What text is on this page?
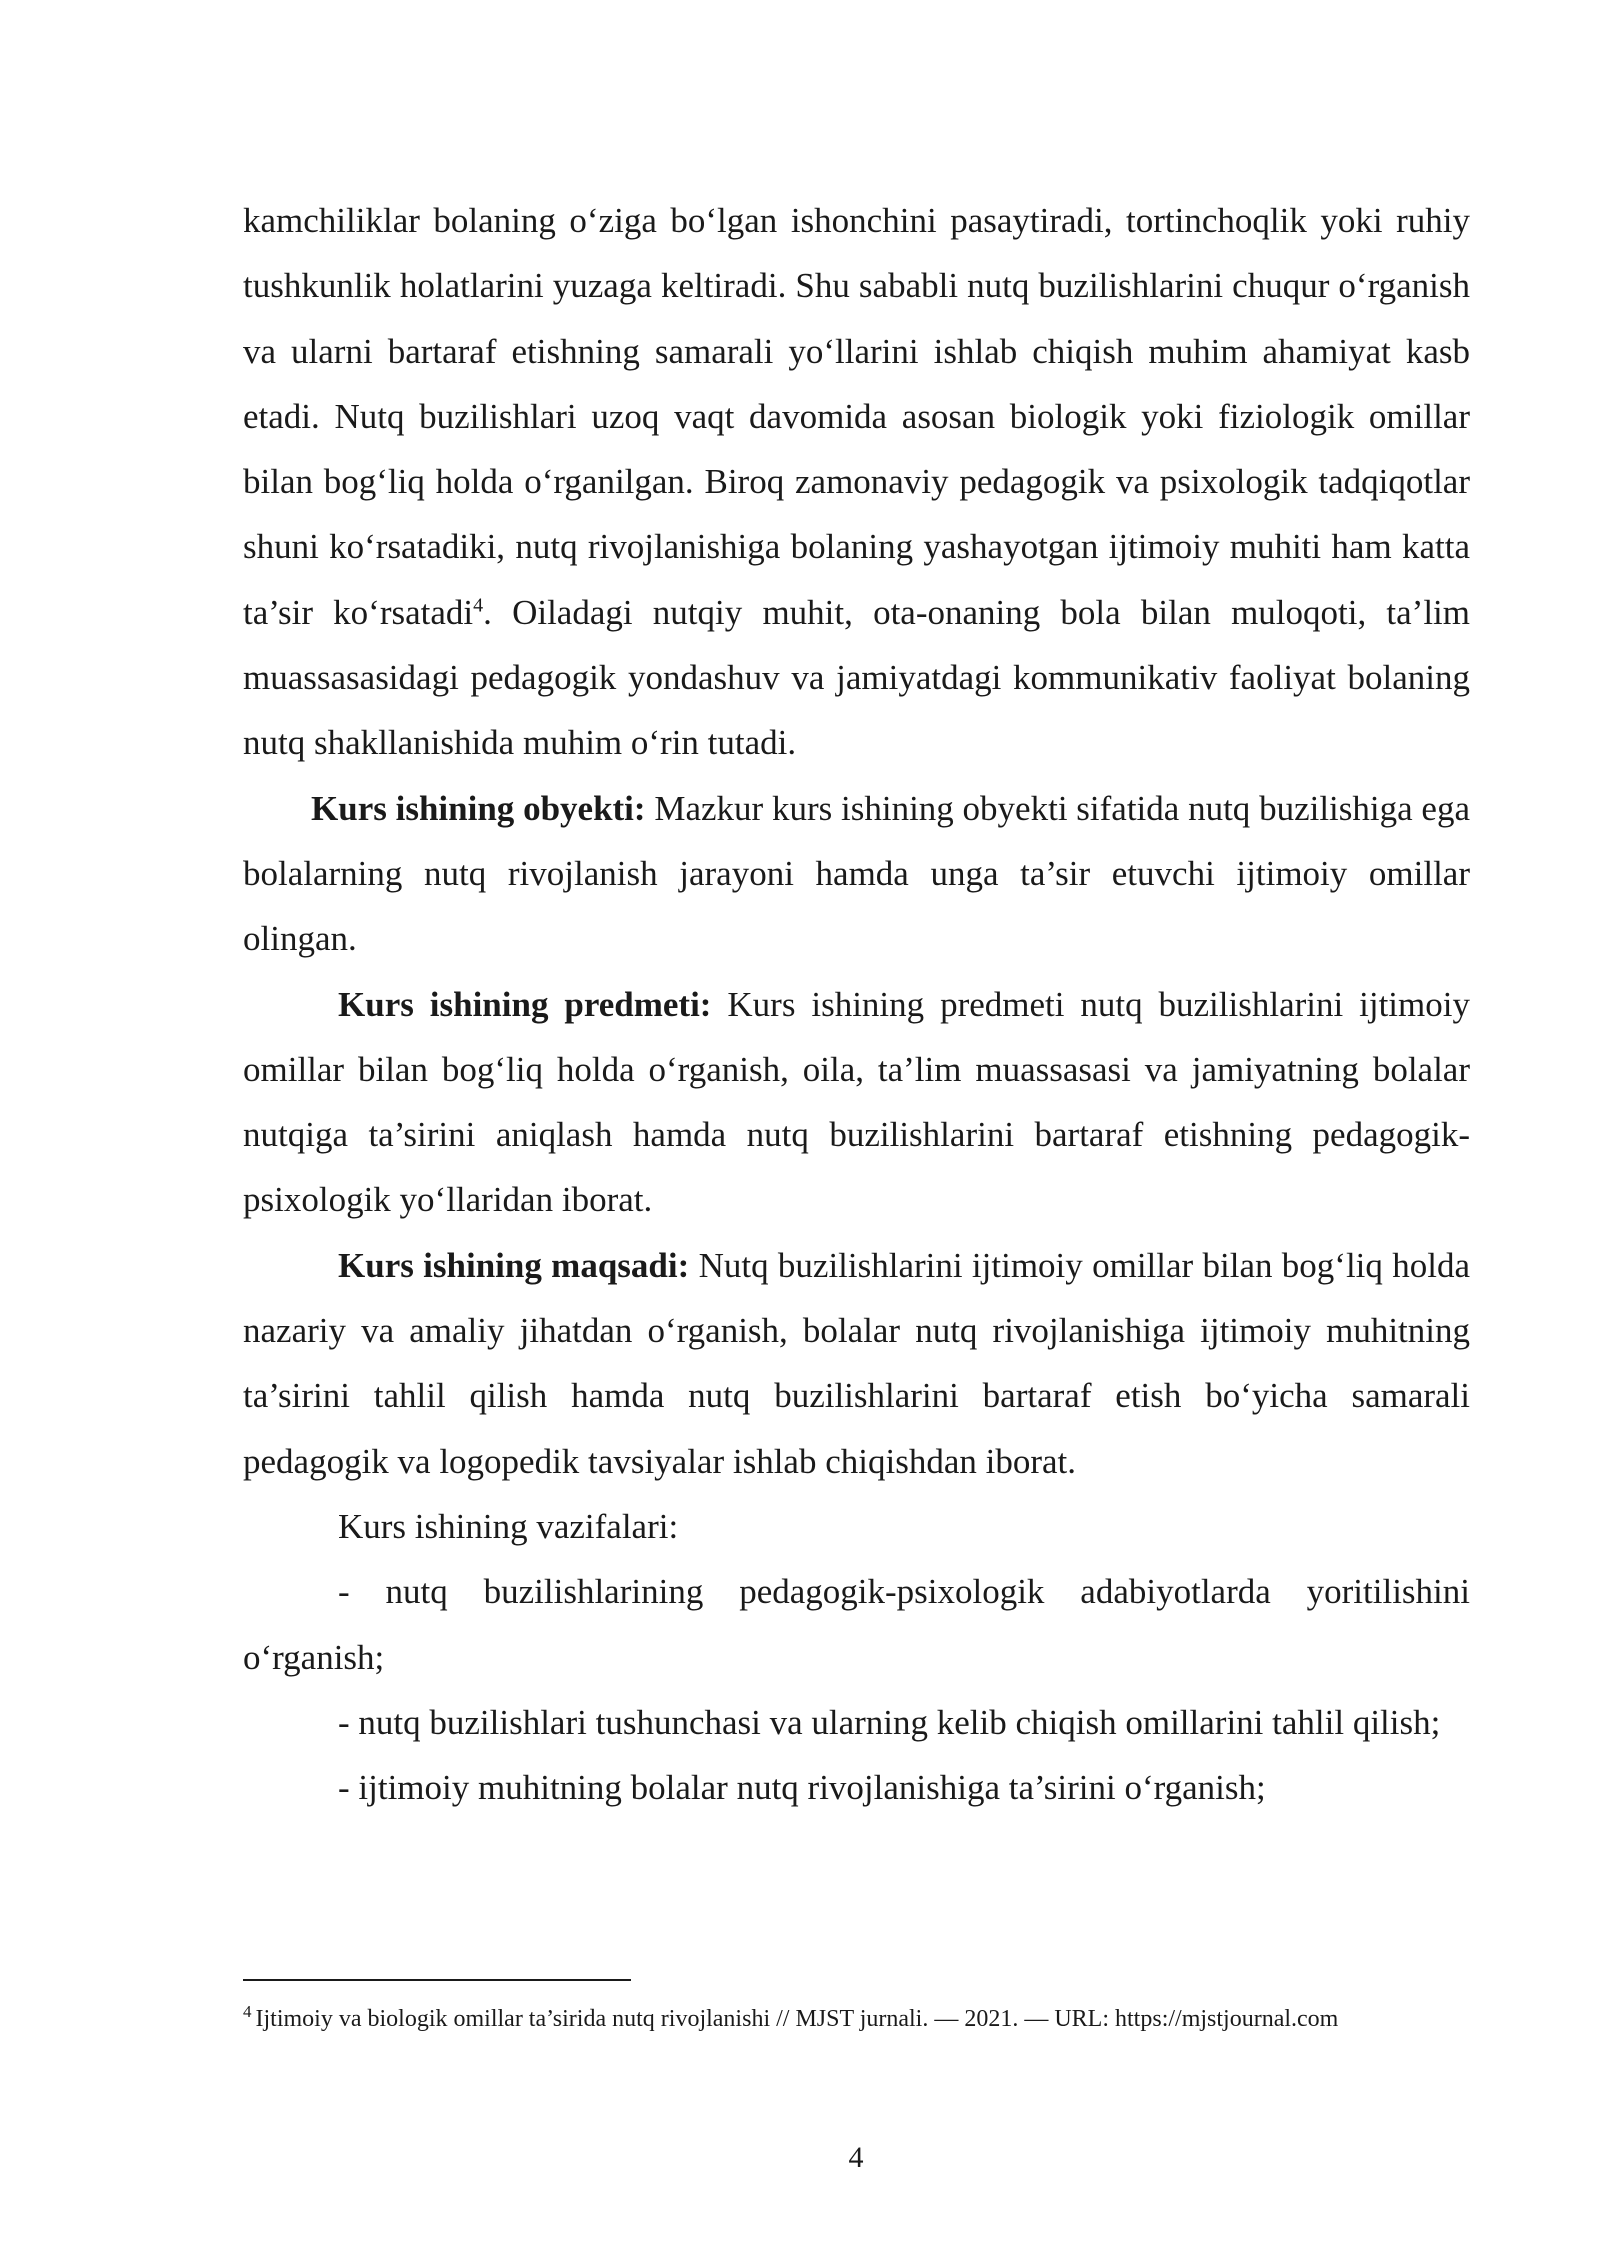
kamchiliklar bolaning o‘ziga bo‘lgan ishonchini pasaytiradi, tortinchoqlik yoki ruhiy tushkunlik holatlarini yuzaga keltiradi. Shu sababli nutq buzilishlarini chuqur o‘rganish va ularni bartaraf etishning samarali yo‘llarini ishlab chiqish muhim ahamiyat kasb etadi. Nutq buzilishlari uzoq vaqt davomida asosan biologik yoki fiziologik omillar bilan bog‘liq holda o‘rganilgan. Biroq zamonaviy pedagogik va psixologik tadqiqotlar shuni ko‘rsatadiki, nutq rivojlanishiga bolaning yashayotgan ijtimoiy muhiti ham katta ta’sir ko‘rsatadi$^4$. Oiladagi nutqiy muhit, ota-onaning bola bilan muloqoti, ta’lim muassasasidagi pedagogik yondashuv va jamiyatdagi kommunikativ faoliyat bolaning nutq shakllanishida muhim o‘rin tutadi.

Kurs ishining obyekti: Mazkur kurs ishining obyekti sifatida nutq buzilishiga ega bolalarning nutq rivojlanish jarayoni hamda unga ta’sir etuvchi ijtimoiy omillar olingan.

Kurs ishining predmeti: Kurs ishining predmeti nutq buzilishlarini ijtimoiy omillar bilan bog‘liq holda o‘rganish, oila, ta’lim muassasasi va jamiyatning bolalar nutqiga ta’sirini aniqlash hamda nutq buzilishlarini bartaraf etishning pedagogik-psixologik yo‘llaridan iborat.

Kurs ishining maqsadi: Nutq buzilishlarini ijtimoiy omillar bilan bog‘liq holda nazariy va amaliy jihatdan o‘rganish, bolalar nutq rivojlanishiga ijtimoiy muhitning ta’sirini tahlil qilish hamda nutq buzilishlarini bartaraf etish bo‘yicha samarali pedagogik va logopedik tavsiyalar ishlab chiqishdan iborat.

Kurs ishining vazifalari:

- nutq buzilishlarining pedagogik-psixologik adabiyotlarda yoritilishini o‘rganish;

- nutq buzilishlari tushunchasi va ularning kelib chiqish omillarini tahlil qilish;

- ijtimoiy muhitning bolalar nutq rivojlanishiga ta’sirini o‘rganish;

$^4$ Ijtimoiy va biologik omillar ta’sirida nutq rivojlanishi // MJST jurnali. — 2021. — URL: https://mjstjournal.com
4
